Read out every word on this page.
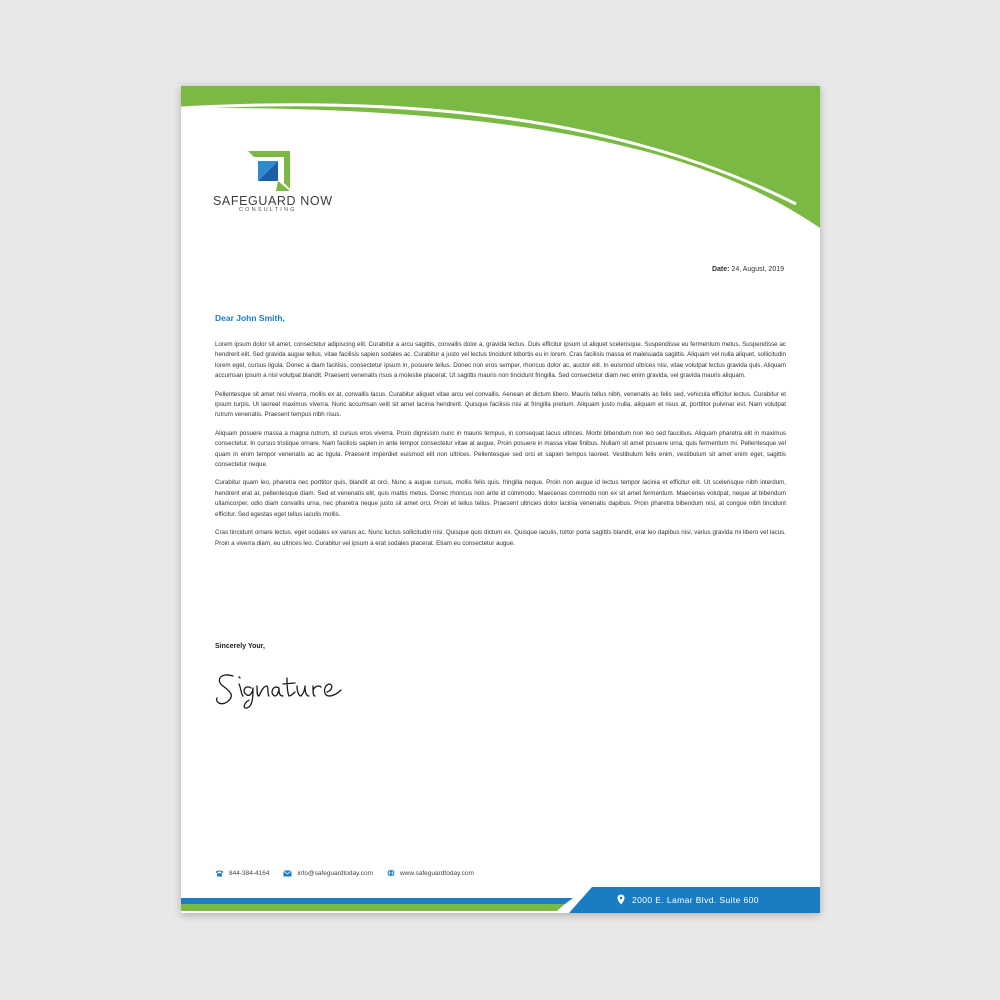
SAFEGUARD NOW
CONSULTING
Date: 24, August, 2019
Dear John Smith,

Lorem ipsum dolor sit amet, consectetur adipiscing elit. Curabitur a arcu sagittis, convallis dolor a, gravida lectus. Duis efficitur ipsum ut aliquet scelerisque. Suspendisse eu fermentum metus. Suspendisse ac hendrerit elit. Sed gravida augue tellus, vitae facilisis sapien sodales ac. Curabitur a justo vel lectus tincidunt lobortis eu in lorem. Cras facilisis massa et malesuada sagittis. Aliquam vel nulla aliquet, sollicitudin lorem eget, cursus ligula. Donec a diam facilisis, consectetur ipsum in, posuere tellus. Donec non eros semper, rhoncus dolor ac, auctor elit. In euismod ultrices nisi, vitae volutpat lectus gravida quis. Aliquam accumsan ipsum a nisl volutpat blandit. Praesent venenatis risus a molestie placerat. Ut sagittis mauris non tincidunt fringilla. Sed consectetur diam nec enim gravida, vel gravida mauris aliquam.

Pellentesque sit amet nisi viverra, mollis ex at, convallis lacus. Curabitur aliquet vitae arcu vel convallis. Aenean et dictum libero. Mauris tellus nibh, venenatis ac felis sed, vehicula efficitur lectus. Curabitur et ipsum turpis. Ut laoreet maximus viverra. Nunc accumsan velit sit amet lacinia hendrerit. Quisque facilisis nisi at fringilla pretium. Aliquam justo nulla, aliquam et risus at, porttitor pulvinar est. Nam volutpat rutrum venenatis. Praesent tempus nibh risus.

Aliquam posuere massa a magna rutrum, id cursus eros viverra. Proin dignissim nunc in mauris tempus, in consequat lacus ultrices. Morbi bibendum non leo sed faucibus. Aliquam pharetra elit in maximus consectetur. In cursus tristique ornare. Nam facilisis sapien in ante tempor consectetur vitae at augue. Proin posuere in massa vitae finibus. Nullam sit amet posuere urna, quis fermentum mi. Pellentesque vel quam in enim tempor venenatis ac ac ligula. Praesent imperdiet euismod elit non ultrices. Pellentesque sed orci et sapien tempus laoreet. Vestibulum felis enim, vestibulum sit amet enim eget, sagittis consectetur neque.

Curabitur quam leo, pharetra nec porttitor quis, blandit at orci. Nunc a augue cursus, mollis felis quis, fringilla neque. Proin non augue id lectus tempor lacinia et efficitur elit. Ut scelerisque nibh interdum, hendrerit erat at, pellentesque diam. Sed et venenatis elit, quis mattis metus. Donec rhoncus non ante id commodo. Maecenas commodo non ex sit amet fermentum. Maecenas volutpat, neque at bibendum ullamcorper, odio diam convallis urna, nec pharetra neque justo sit amet orci. Proin et tellus tellus. Praesent ultricies dolor lacinia venenatis dapibus. Proin pharetra bibendum nisl, at congue nibh tincidunt efficitur. Sed egestas eget tellus iaculis mollis.

Cras tincidunt ornare lectus, eget sodales ex varius ac. Nunc luctus sollicitudin nisi. Quisque quis dictum ex. Quisque iaculis, tortor porta sagittis blandit, erat leo dapibus nisi, varius gravida mi libero vel lacus. Proin a viverra diam, eu ultrices leo. Curabitur vel ipsum a erat sodales placerat. Etiam eu consectetur augue.

Sincerely Your,
844-384-4164	info@safeguardtoday.com	www.safeguardtoday.com
2000 E. Lamar Blvd. Suite 600
